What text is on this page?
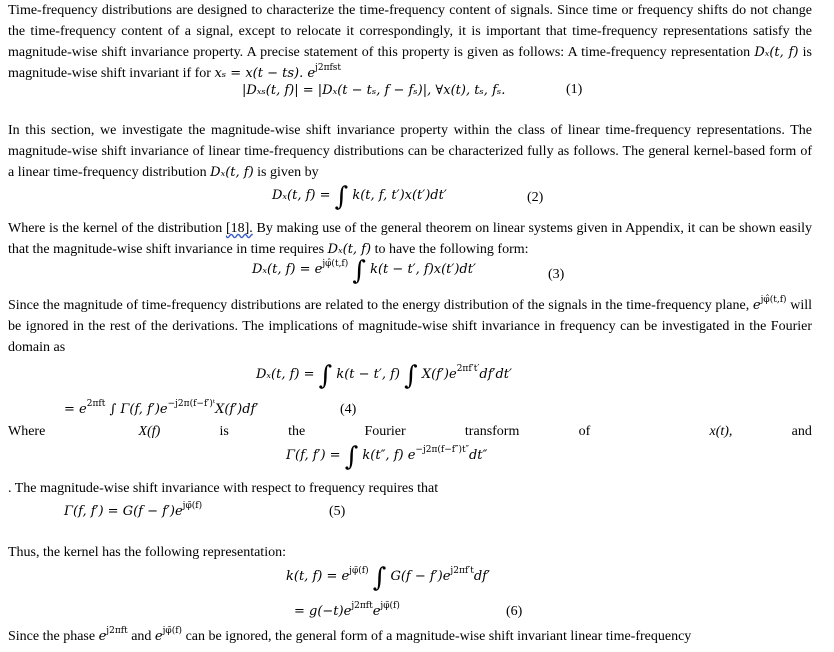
Time-frequency distributions are designed to characterize the time-frequency content of signals. Since time or frequency shifts do not change the time-frequency content of a signal, except to relocate it correspondingly, it is important that time-frequency representations satisfy the magnitude-wise shift invariance property. A precise statement of this property is given as follows: A time-frequency representation Dₓ(t, f) is magnitude-wise shift invariant if for xₛ = x(t − ts). $e^{j2\pi fst}$
|Dₓₛ(t, f)| = |Dₓ(t − tₛ, f − fₛ)|, ∀x(t), tₛ, fₛ.	(1)
In this section, we investigate the magnitude-wise shift invariance property within the class of linear time-frequency representations. The magnitude-wise shift invariance of linear time-frequency distributions can be characterized fully as follows. The general kernel-based form of a linear time-frequency distribution Dₓ(t, f) is given by
Dₓ(t, f) = ∫ k(t, f, t′)x(t′)dt′	(2)
Where is the kernel of the distribution [18]. By making use of the general theorem on linear systems given in Appendix, it can be shown easily that the magnitude-wise shift invariance in time requires Dₓ(t, f) to have the following form:
Dₓ(t, $f) = e^{j\varphî(t,f)}$ ∫ k(t − t′, f)x(t′)dt′	(3)
Since the magnitude of time-frequency distributions are related to the energy distribution of the signals in the time-frequency plane, $e^{j\varphî(t,f)}$ will be ignored in the rest of the derivations. The implications of magnitude-wise shift invariance in frequency can be investigated in the Fourier domain as
Dₓ(t, f) = ∫ k(t − t′, f) ∫ $X(f')e^{2\pi f't'}df'dt'$
= $e^{2\pi ft}$ ∫ Γ(f, $f')e^{-j2\pi(f-f')ᵗ}X(f')df'$	(4)
Where	X(f)	is	the	Fourier	transform	of	x(t),	and
Γ(f, f′) = ∫ k(t″, f) $e^{-j2\pi(f-f'')t''}dt''$
. The magnitude-wise shift invariance with respect to frequency requires that
Γ(f, $f') = G(f - f')e^{j\varphĩ(f)}$	(5)
Thus, the kernel has the following representation:
k(t, $f) = e^{j\varphĩ(f)}$ ∫ $G(f - f')e^{j2\pi f't}df'$
= $g(-t)e^{j2\pi ft}e^{j\varphĩ(f)}$	(6)
Since the phase $e^{j2\pi ft}$ and $e^{j\varphĩ(f)}$ can be ignored, the general form of a magnitude-wise shift invariant linear time-frequency
